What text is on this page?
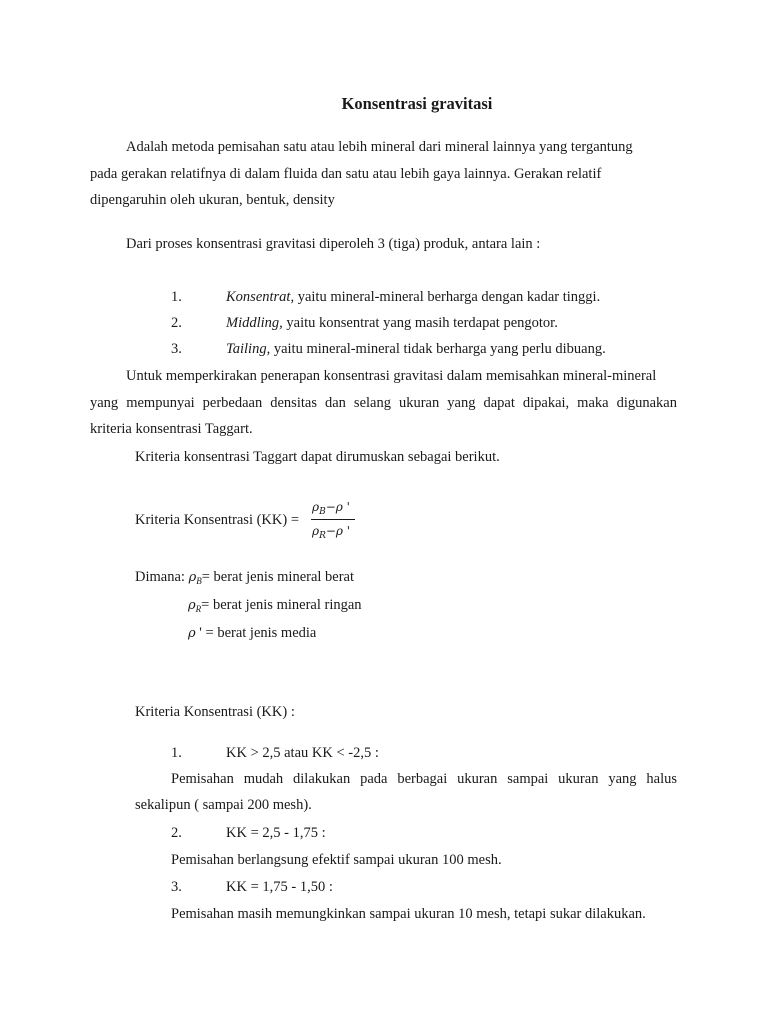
Konsentrasi gravitasi
Adalah metoda pemisahan satu atau lebih mineral dari mineral lainnya yang tergantung
pada gerakan relatifnya di dalam fluida dan satu atau lebih gaya lainnya. Gerakan relatif
dipengaruhin oleh ukuran, bentuk, density
Dari proses konsentrasi gravitasi diperoleh 3 (tiga) produk, antara lain :
1.	Konsentrat, yaitu mineral-mineral berharga dengan kadar tinggi.
2.	Middling, yaitu konsentrat yang masih terdapat pengotor.
3.	Tailing, yaitu mineral-mineral tidak berharga yang perlu dibuang.
Untuk memperkirakan penerapan konsentrasi gravitasi dalam memisahkan mineral-mineral
yang mempunyai perbedaan densitas dan selang ukuran yang dapat dipakai, maka digunakan
kriteria konsentrasi Taggart.
Kriteria konsentrasi Taggart dapat dirumuskan sebagai berikut.
Kriteria Konsentrasi (KK) =
$\rho_B-\rho$ '
$\rho_R-\rho$ '
Dimana: $\rho_B=$ berat jenis mineral berat
$\rho_R=$ berat jenis mineral ringan
ρ ' = berat jenis media
Kriteria Konsentrasi (KK) :
1.	KK > 2,5 atau KK < -2,5 :
Pemisahan mudah dilakukan pada berbagai ukuran sampai ukuran yang halus
sekalipun ( sampai 200 mesh).
2.	KK = 2,5 - 1,75 :
Pemisahan berlangsung efektif sampai ukuran 100 mesh.
3.	KK = 1,75 - 1,50 :
Pemisahan masih memungkinkan sampai ukuran 10 mesh, tetapi sukar dilakukan.
